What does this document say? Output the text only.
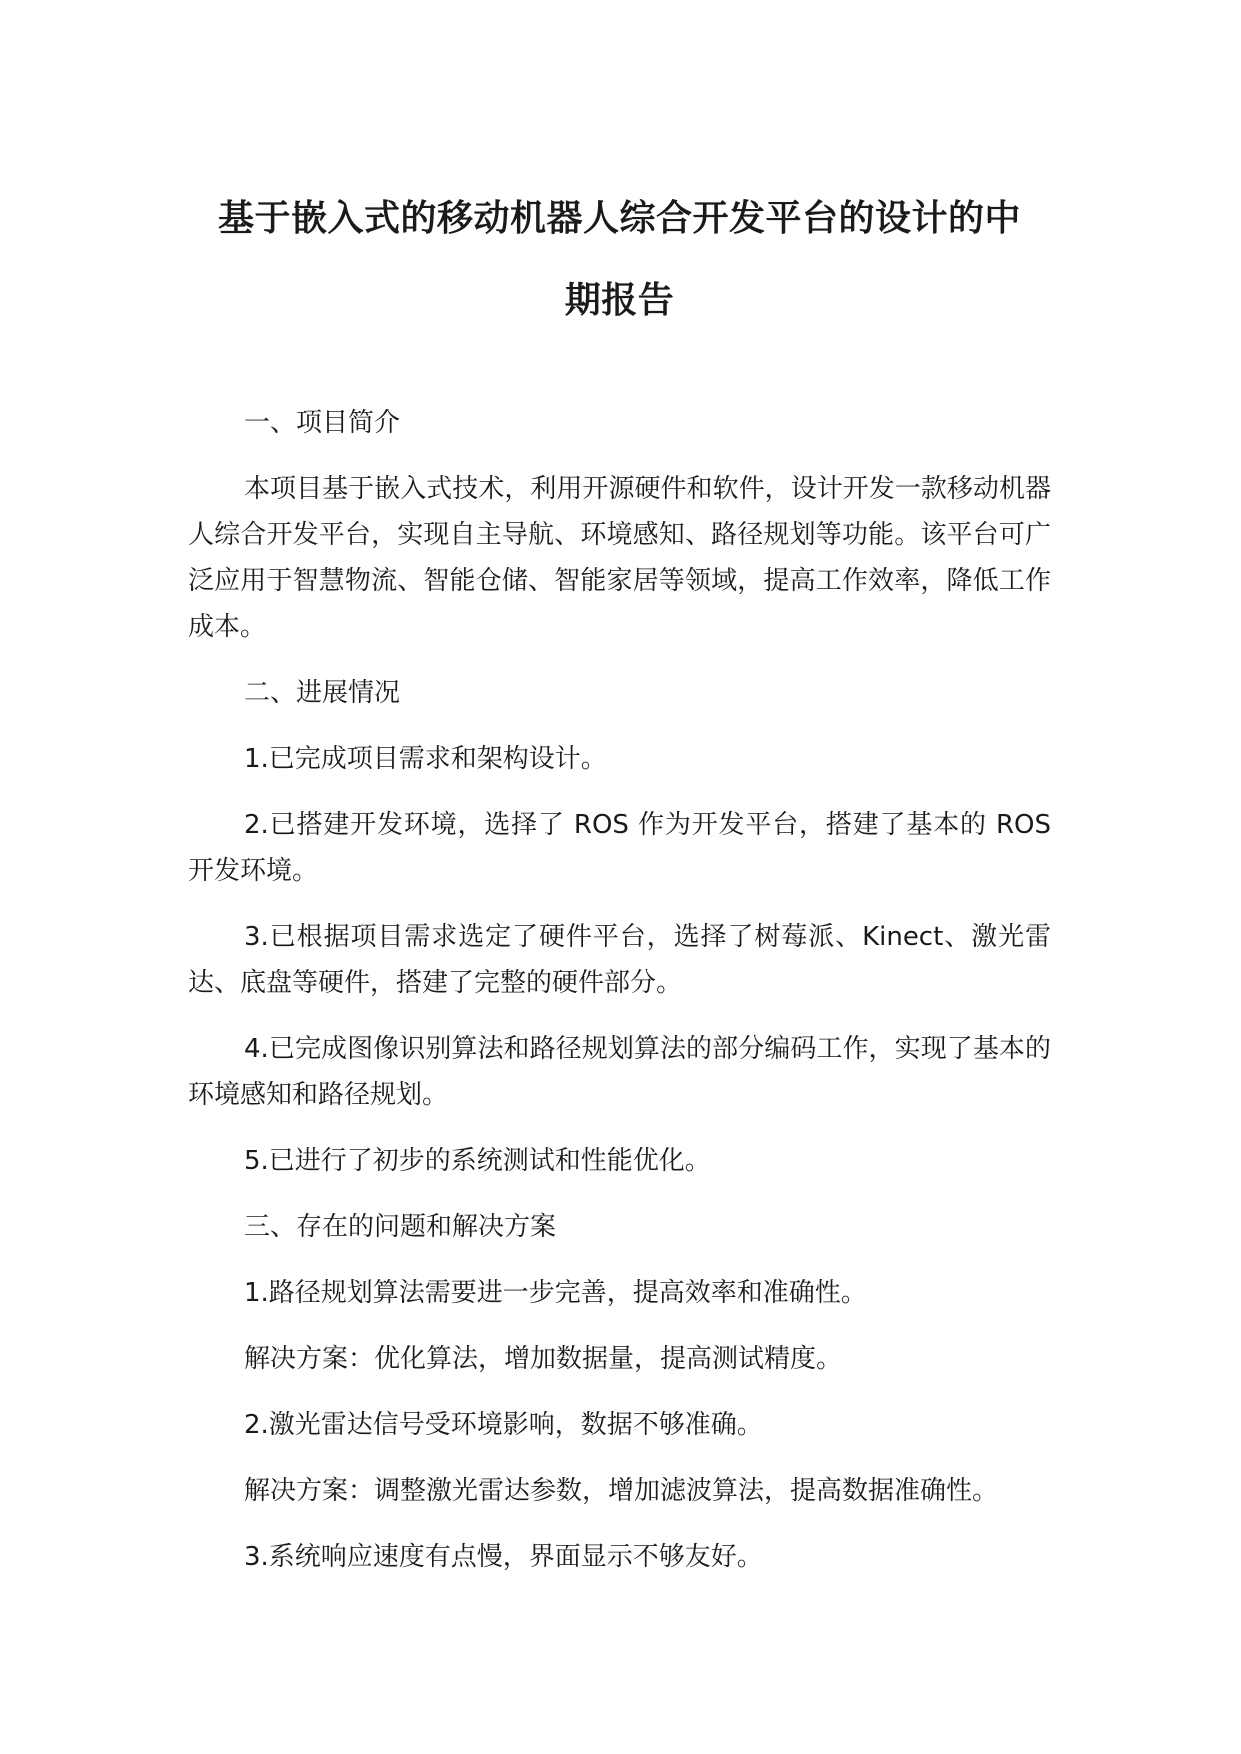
基于嵌入式的移动机器人综合开发平台的设计的中
期报告

一、项目简介

本项目基于嵌入式技术，利用开源硬件和软件，设计开发一款移动机器人综合开发平台，实现自主导航、环境感知、路径规划等功能。该平台可广泛应用于智慧物流、智能仓储、智能家居等领域，提高工作效率，降低工作成本。

二、进展情况

1.已完成项目需求和架构设计。

2.已搭建开发环境，选择了 ROS 作为开发平台，搭建了基本的 ROS 开发环境。

3.已根据项目需求选定了硬件平台，选择了树莓派、Kinect、激光雷达、底盘等硬件，搭建了完整的硬件部分。

4.已完成图像识别算法和路径规划算法的部分编码工作，实现了基本的环境感知和路径规划。

5.已进行了初步的系统测试和性能优化。

三、存在的问题和解决方案

1.路径规划算法需要进一步完善，提高效率和准确性。

解决方案：优化算法，增加数据量，提高测试精度。

2.激光雷达信号受环境影响，数据不够准确。

解决方案：调整激光雷达参数，增加滤波算法，提高数据准确性。

3.系统响应速度有点慢，界面显示不够友好。
